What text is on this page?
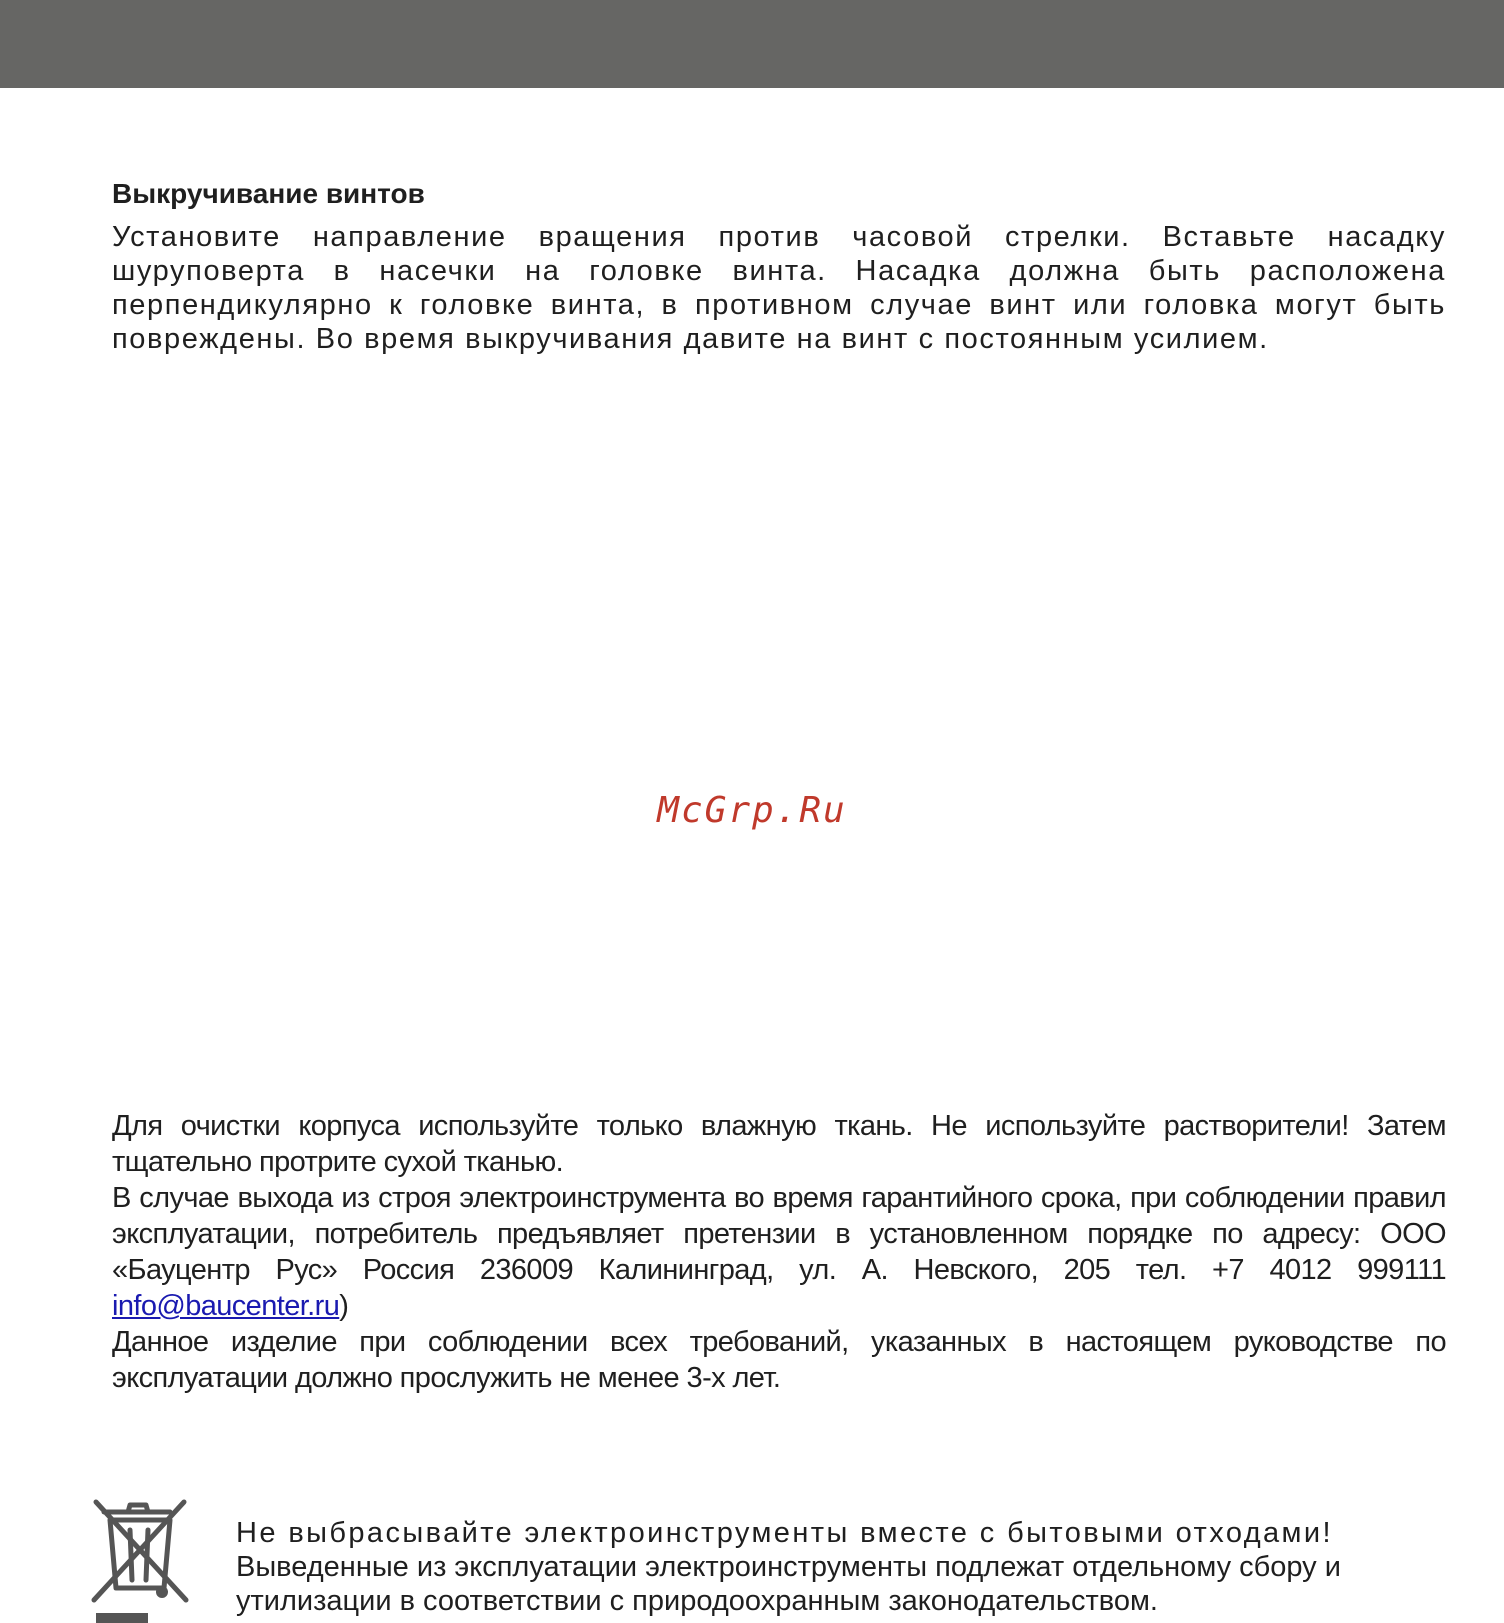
Выкручивание винтов

Установите направление вращения против часовой стрелки. Вставьте насадку шуруповерта в насечки на головке винта. Насадка должна быть расположена перпендикулярно к головке винта, в противном случае винт или головка могут быть повреждены. Во время выкручивания давите на винт с постоянным усилием.

McGrp.Ru

Для очистки корпуса используйте только влажную ткань. Не используйте растворители! Затем тщательно протрите сухой тканью.

В случае выхода из строя электроинструмента во время гарантийного срока, при соблюдении правил эксплуатации, потребитель предъявляет претензии в установленном порядке по адресу: ООО «Бауцентр Рус» Россия 236009 Калининград, ул. А. Невского, 205 тел. +7 4012 999111 info@baucenter.ru)

Данное изделие при соблюдении всех требований, указанных в настоящем руководстве по эксплуатации должно прослужить не менее 3-х лет.

Не выбрасывайте электроинструменты вместе с бытовыми отходами!
Выведенные из эксплуатации электроинструменты подлежат отдельному сбору и утилизации в соответствии с природоохранным законодательством.
